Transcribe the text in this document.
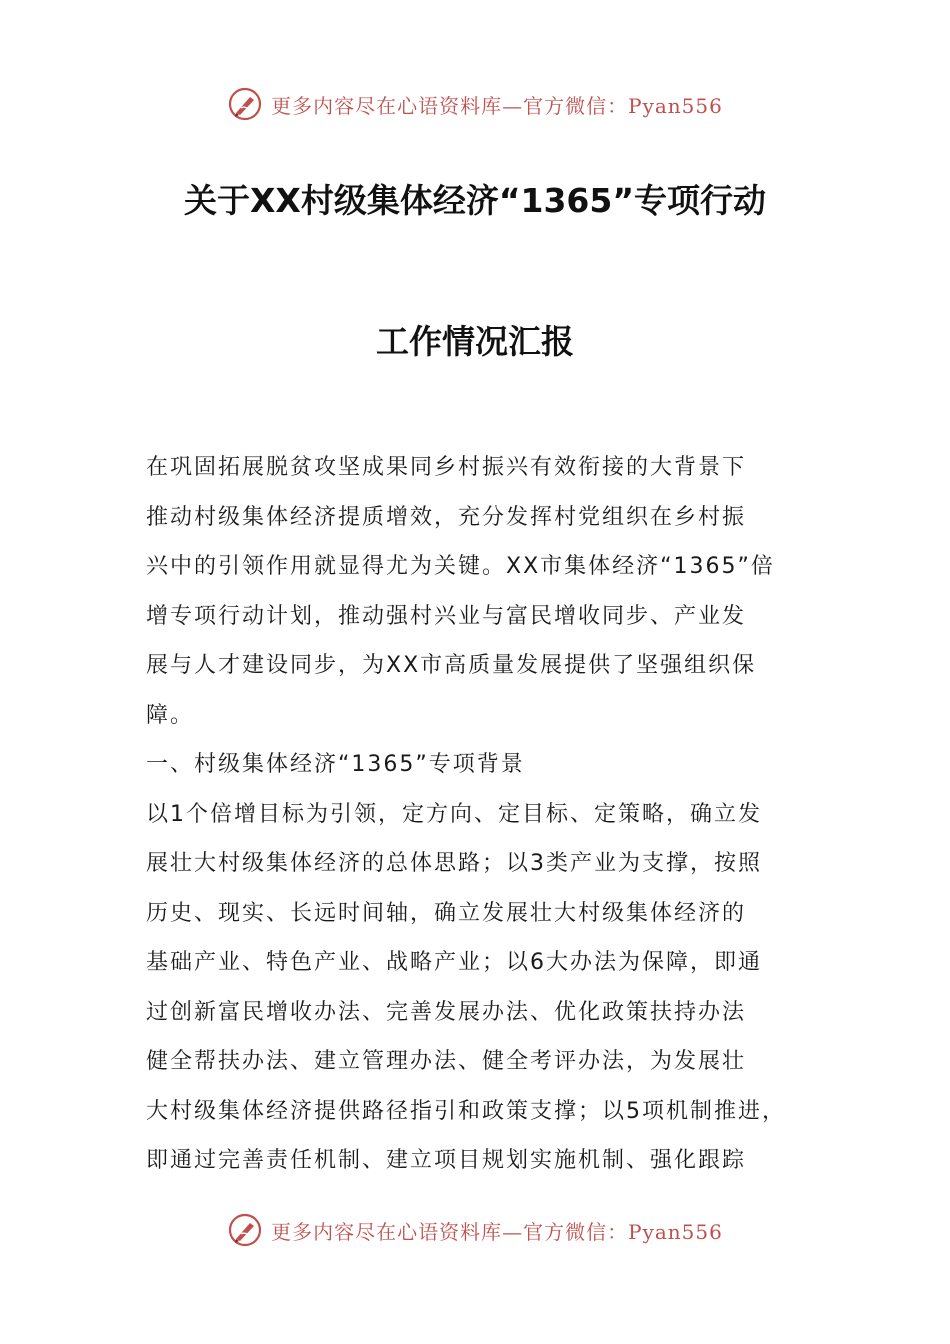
更多内容尽在心语资料库—官方微信：Pyan556
关于XX村级集体经济“1365”专项行动
工作情况汇报
在巩固拓展脱贫攻坚成果同乡村振兴有效衔接的大背景下
推动村级集体经济提质增效，充分发挥村党组织在乡村振
兴中的引领作用就显得尤为关键。XX市集体经济“1365”倍
增专项行动计划，推动强村兴业与富民增收同步、产业发
展与人才建设同步，为XX市高质量发展提供了坚强组织保
障。
一、村级集体经济“1365”专项背景
以1个倍增目标为引领，定方向、定目标、定策略，确立发
展壮大村级集体经济的总体思路；以3类产业为支撑，按照
历史、现实、长远时间轴，确立发展壮大村级集体经济的
基础产业、特色产业、战略产业；以6大办法为保障，即通
过创新富民增收办法、完善发展办法、优化政策扶持办法
健全帮扶办法、建立管理办法、健全考评办法，为发展壮
大村级集体经济提供路径指引和政策支撑；以5项机制推进，
即通过完善责任机制、建立项目规划实施机制、强化跟踪
更多内容尽在心语资料库—官方微信：Pyan556
